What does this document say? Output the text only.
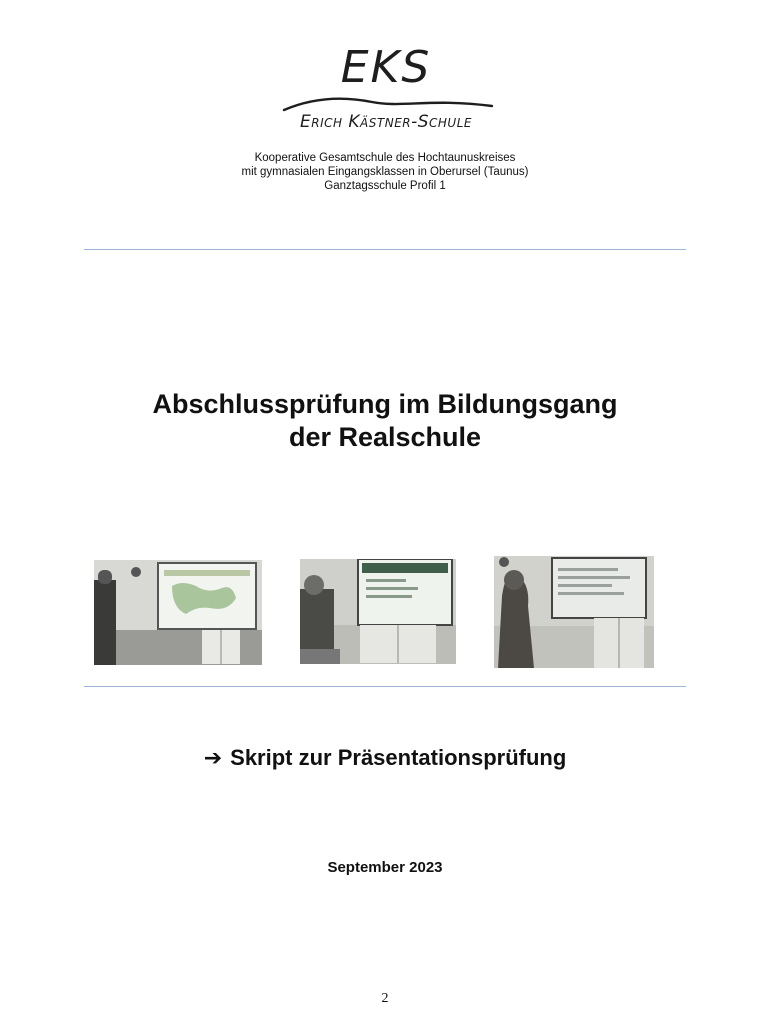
EKS
Erich Kästner-Schule
Kooperative Gesamtschule des Hochtaunuskreises
mit gymnasialen Eingangsklassen in Oberursel (Taunus)
Ganztagsschule Profil 1
Abschlussprüfung im Bildungsgang
der Realschule
➔ Skript zur Präsentationsprüfung
September 2023
2
